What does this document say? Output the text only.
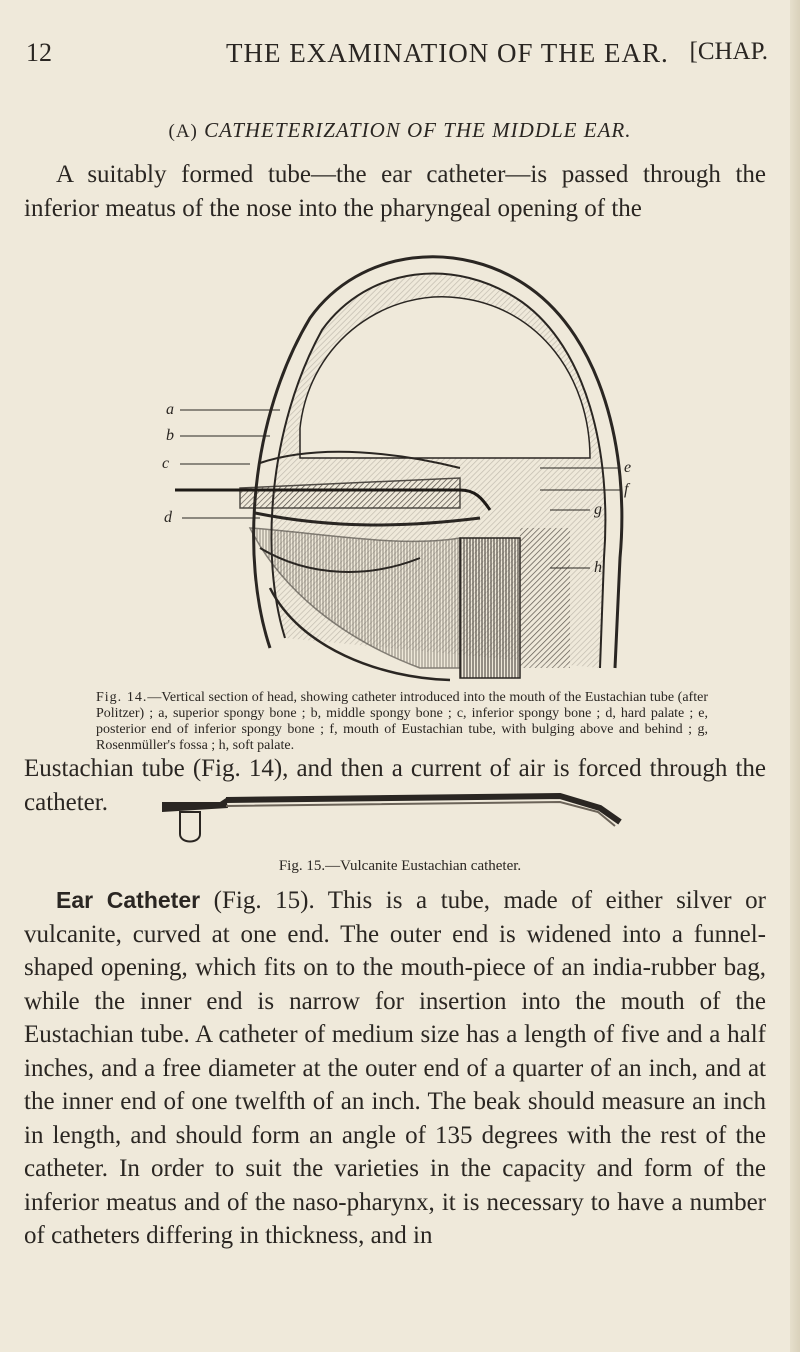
12	THE EXAMINATION OF THE EAR. [CHAP.
(A) CATHETERIZATION OF THE MIDDLE EAR.

A suitably formed tube—the ear catheter—is passed through the inferior meatus of the nose into the pharyngeal opening of the

a
b
c
d
e
f
g
h

Fig. 14.—Vertical section of head, showing catheter introduced into the mouth of the Eustachian tube (after Politzer) ; a, superior spongy bone ; b, middle spongy bone ; c, inferior spongy bone ; d, hard palate ; e, posterior end of inferior spongy bone ; f, mouth of Eustachian tube, with bulging above and behind ; g, Rosenmüller's fossa ; h, soft palate.

Eustachian tube (Fig. 14), and then a current of air is forced through the catheter.

Fig. 15.—Vulcanite Eustachian catheter.

Ear Catheter (Fig. 15). This is a tube, made of either silver or vulcanite, curved at one end. The outer end is widened into a funnel-shaped opening, which fits on to the mouth-piece of an india-rubber bag, while the inner end is narrow for insertion into the mouth of the Eustachian tube. A catheter of medium size has a length of five and a half inches, and a free diameter at the outer end of a quarter of an inch, and at the inner end of one twelfth of an inch. The beak should measure an inch in length, and should form an angle of 135 degrees with the rest of the catheter. In order to suit the varieties in the capacity and form of the inferior meatus and of the naso-pharynx, it is necessary to have a number of catheters differing in thickness, and in
